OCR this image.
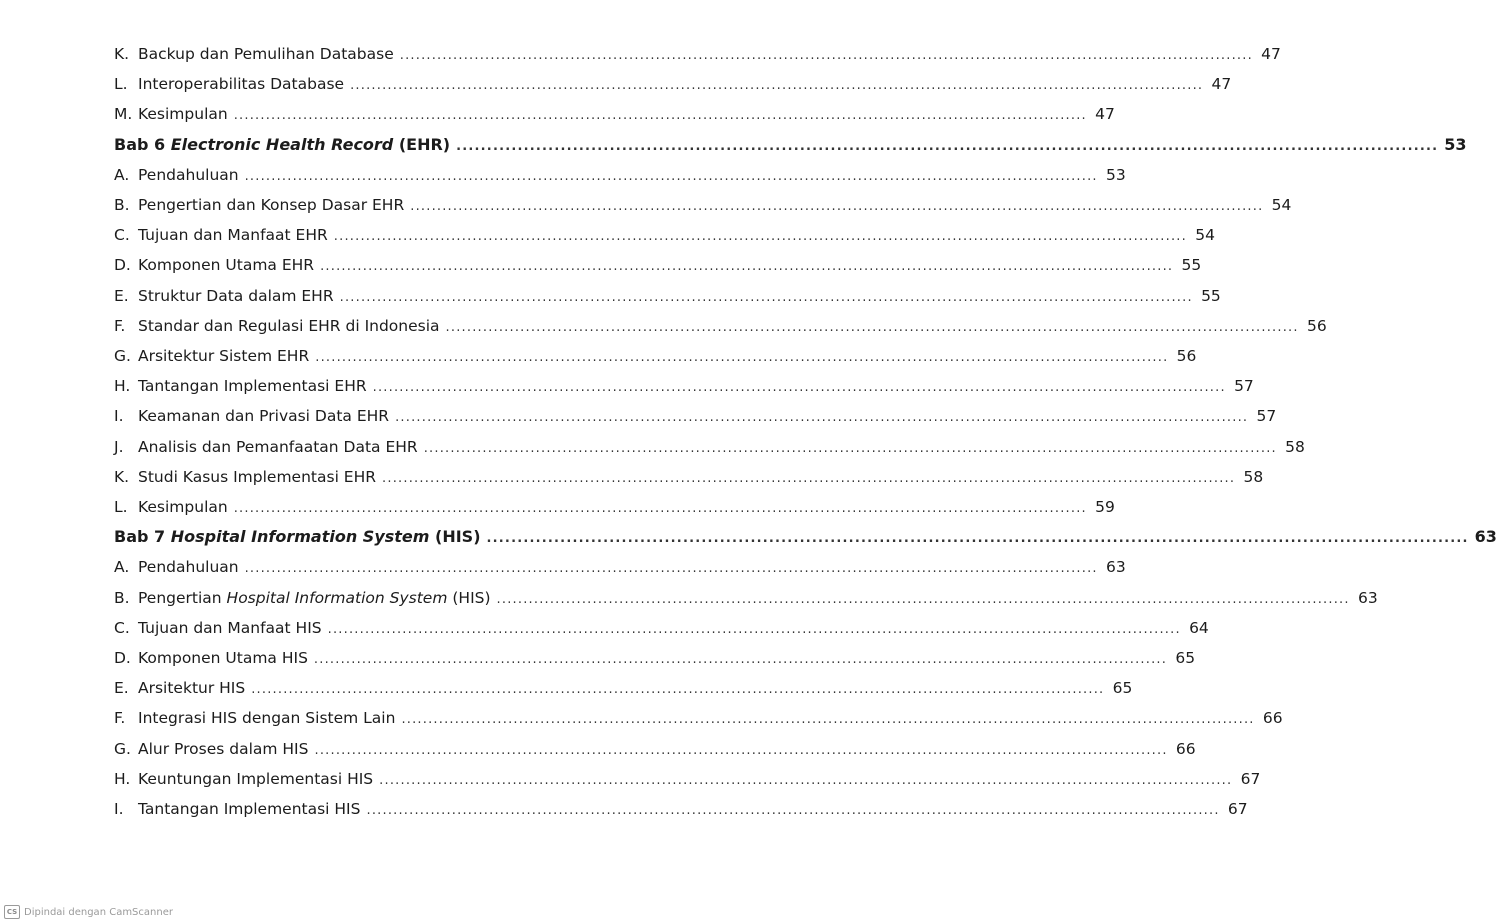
K. Backup dan Pemulihan Database ................................................................................................................................................................ 47
L. Interoperabilitas Database ................................................................................................................................................................ 47
M. Kesimpulan ................................................................................................................................................................ 47
Bab 6 Electronic Health Record (EHR) ................................................................................................................................................................ 53
A. Pendahuluan ................................................................................................................................................................ 53
B. Pengertian dan Konsep Dasar EHR ................................................................................................................................................................ 54
C. Tujuan dan Manfaat EHR ................................................................................................................................................................ 54
D. Komponen Utama EHR ................................................................................................................................................................ 55
E. Struktur Data dalam EHR ................................................................................................................................................................ 55
F. Standar dan Regulasi EHR di Indonesia ................................................................................................................................................................ 56
G. Arsitektur Sistem EHR ................................................................................................................................................................ 56
H. Tantangan Implementasi EHR ................................................................................................................................................................ 57
I. Keamanan dan Privasi Data EHR ................................................................................................................................................................ 57
J. Analisis dan Pemanfaatan Data EHR ................................................................................................................................................................ 58
K. Studi Kasus Implementasi EHR ................................................................................................................................................................ 58
L. Kesimpulan ................................................................................................................................................................ 59
Bab 7 Hospital Information System (HIS) ................................................................................................................................................................ 63
A. Pendahuluan ................................................................................................................................................................ 63
B. Pengertian Hospital Information System (HIS) ................................................................................................................................................................ 63
C. Tujuan dan Manfaat HIS ................................................................................................................................................................ 64
D. Komponen Utama HIS ................................................................................................................................................................ 65
E. Arsitektur HIS ................................................................................................................................................................ 65
F. Integrasi HIS dengan Sistem Lain ................................................................................................................................................................ 66
G. Alur Proses dalam HIS ................................................................................................................................................................ 66
H. Keuntungan Implementasi HIS ................................................................................................................................................................ 67
I. Tantangan Implementasi HIS ................................................................................................................................................................ 67
CS Dipindai dengan CamScanner
